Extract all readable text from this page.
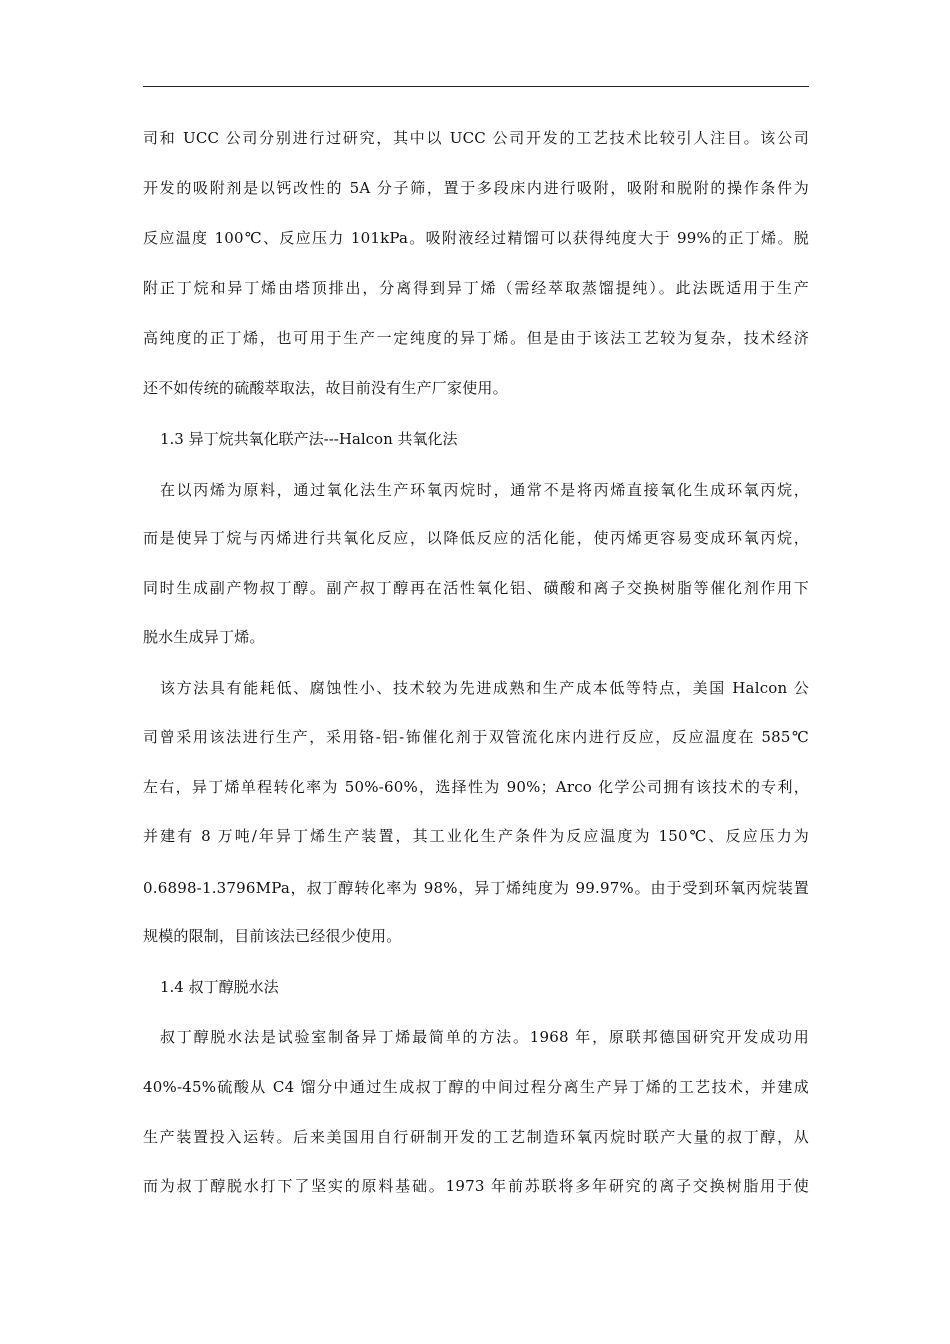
司和 UCC 公司分别进行过研究，其中以 UCC 公司开发的工艺技术比较引人注目。该公司
开发的吸附剂是以钙改性的 5A 分子筛，置于多段床内进行吸附，吸附和脱附的操作条件为
反应温度 100℃、反应压力 101kPa。吸附液经过精馏可以获得纯度大于 99%的正丁烯。脱
附正丁烷和异丁烯由塔顶排出，分离得到异丁烯（需经萃取蒸馏提纯）。此法既适用于生产
高纯度的正丁烯，也可用于生产一定纯度的异丁烯。但是由于该法工艺较为复杂，技术经济
还不如传统的硫酸萃取法，故目前没有生产厂家使用。
1.3 异丁烷共氧化联产法---Halcon 共氧化法
在以丙烯为原料，通过氧化法生产环氧丙烷时，通常不是将丙烯直接氧化生成环氧丙烷，
而是使异丁烷与丙烯进行共氧化反应，以降低反应的活化能，使丙烯更容易变成环氧丙烷，
同时生成副产物叔丁醇。副产叔丁醇再在活性氧化铝、磺酸和离子交换树脂等催化剂作用下
脱水生成异丁烯。
该方法具有能耗低、腐蚀性小、技术较为先进成熟和生产成本低等特点，美国 Halcon 公
司曾采用该法进行生产，采用铬-铝-钸催化剂于双管流化床内进行反应，反应温度在 585℃
左右，异丁烯单程转化率为 50%-60%，选择性为 90%；Arco 化学公司拥有该技术的专利，
并建有 8 万吨/年异丁烯生产装置，其工业化生产条件为反应温度为 150℃、反应压力为
0.6898-1.3796MPa，叔丁醇转化率为 98%，异丁烯纯度为 99.97%。由于受到环氧丙烷装置
规模的限制，目前该法已经很少使用。
1.4 叔丁醇脱水法
叔丁醇脱水法是试验室制备异丁烯最简单的方法。1968 年，原联邦德国研究开发成功用
40%-45%硫酸从 C4 馏分中通过生成叔丁醇的中间过程分离生产异丁烯的工艺技术，并建成
生产装置投入运转。后来美国用自行研制开发的工艺制造环氧丙烷时联产大量的叔丁醇，从
而为叔丁醇脱水打下了坚实的原料基础。1973 年前苏联将多年研究的离子交换树脂用于使
